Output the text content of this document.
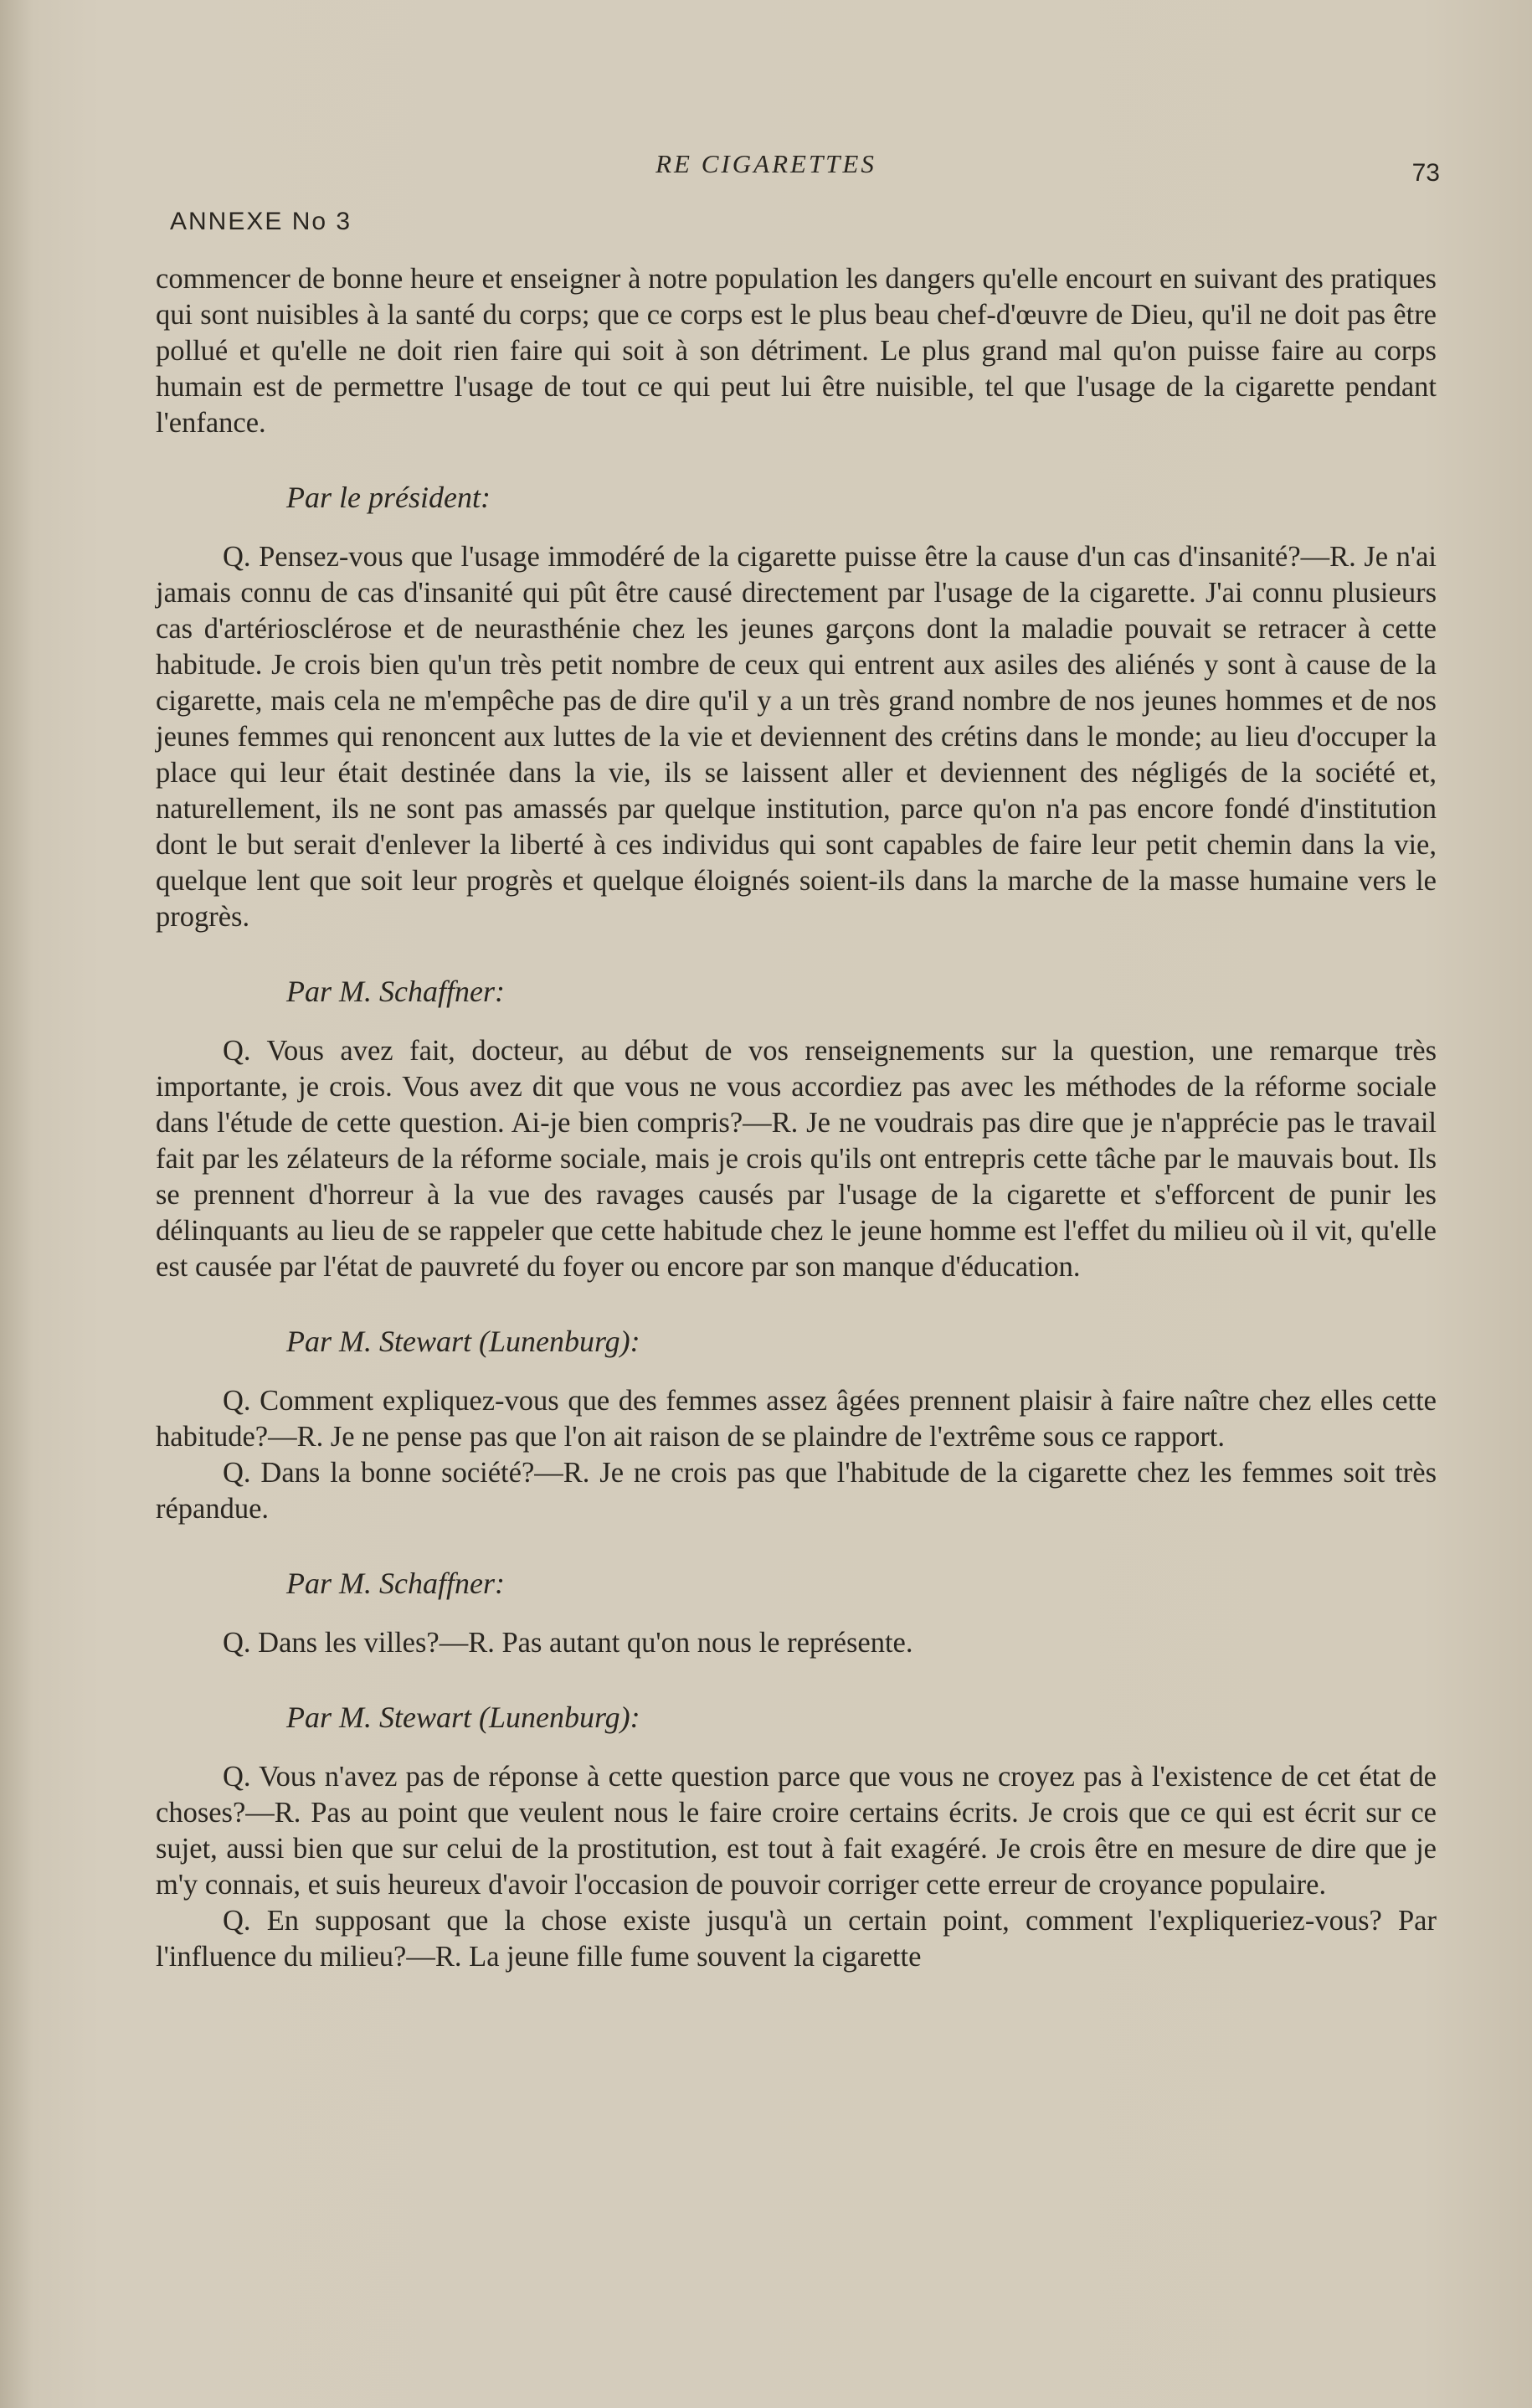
RE CIGARETTES	73
ANNEXE No 3

commencer de bonne heure et enseigner à notre population les dangers qu'elle encourt en suivant des pratiques qui sont nuisibles à la santé du corps; que ce corps est le plus beau chef-d'œuvre de Dieu, qu'il ne doit pas être pollué et qu'elle ne doit rien faire qui soit à son détriment. Le plus grand mal qu'on puisse faire au corps humain est de permettre l'usage de tout ce qui peut lui être nuisible, tel que l'usage de la cigarette pendant l'enfance.

Par le président:

Q. Pensez-vous que l'usage immodéré de la cigarette puisse être la cause d'un cas d'insanité?—R. Je n'ai jamais connu de cas d'insanité qui pût être causé directement par l'usage de la cigarette. J'ai connu plusieurs cas d'artériosclérose et de neurasthénie chez les jeunes garçons dont la maladie pouvait se retracer à cette habitude. Je crois bien qu'un très petit nombre de ceux qui entrent aux asiles des aliénés y sont à cause de la cigarette, mais cela ne m'empêche pas de dire qu'il y a un très grand nombre de nos jeunes hommes et de nos jeunes femmes qui renoncent aux luttes de la vie et deviennent des crétins dans le monde; au lieu d'occuper la place qui leur était destinée dans la vie, ils se laissent aller et deviennent des négligés de la société et, naturellement, ils ne sont pas amassés par quelque institution, parce qu'on n'a pas encore fondé d'institution dont le but serait d'enlever la liberté à ces individus qui sont capables de faire leur petit chemin dans la vie, quelque lent que soit leur progrès et quelque éloignés soient-ils dans la marche de la masse humaine vers le progrès.

Par M. Schaffner:

Q. Vous avez fait, docteur, au début de vos renseignements sur la question, une remarque très importante, je crois. Vous avez dit que vous ne vous accordiez pas avec les méthodes de la réforme sociale dans l'étude de cette question. Ai-je bien compris?—R. Je ne voudrais pas dire que je n'apprécie pas le travail fait par les zélateurs de la réforme sociale, mais je crois qu'ils ont entrepris cette tâche par le mauvais bout. Ils se prennent d'horreur à la vue des ravages causés par l'usage de la cigarette et s'efforcent de punir les délinquants au lieu de se rappeler que cette habitude chez le jeune homme est l'effet du milieu où il vit, qu'elle est causée par l'état de pauvreté du foyer ou encore par son manque d'éducation.

Par M. Stewart (Lunenburg):

Q. Comment expliquez-vous que des femmes assez âgées prennent plaisir à faire naître chez elles cette habitude?—R. Je ne pense pas que l'on ait raison de se plaindre de l'extrême sous ce rapport.

Q. Dans la bonne société?—R. Je ne crois pas que l'habitude de la cigarette chez les femmes soit très répandue.

Par M. Schaffner:

Q. Dans les villes?—R. Pas autant qu'on nous le représente.

Par M. Stewart (Lunenburg):

Q. Vous n'avez pas de réponse à cette question parce que vous ne croyez pas à l'existence de cet état de choses?—R. Pas au point que veulent nous le faire croire certains écrits. Je crois que ce qui est écrit sur ce sujet, aussi bien que sur celui de la prostitution, est tout à fait exagéré. Je crois être en mesure de dire que je m'y connais, et suis heureux d'avoir l'occasion de pouvoir corriger cette erreur de croyance populaire.

Q. En supposant que la chose existe jusqu'à un certain point, comment l'expliqueriez-vous? Par l'influence du milieu?—R. La jeune fille fume souvent la cigarette
